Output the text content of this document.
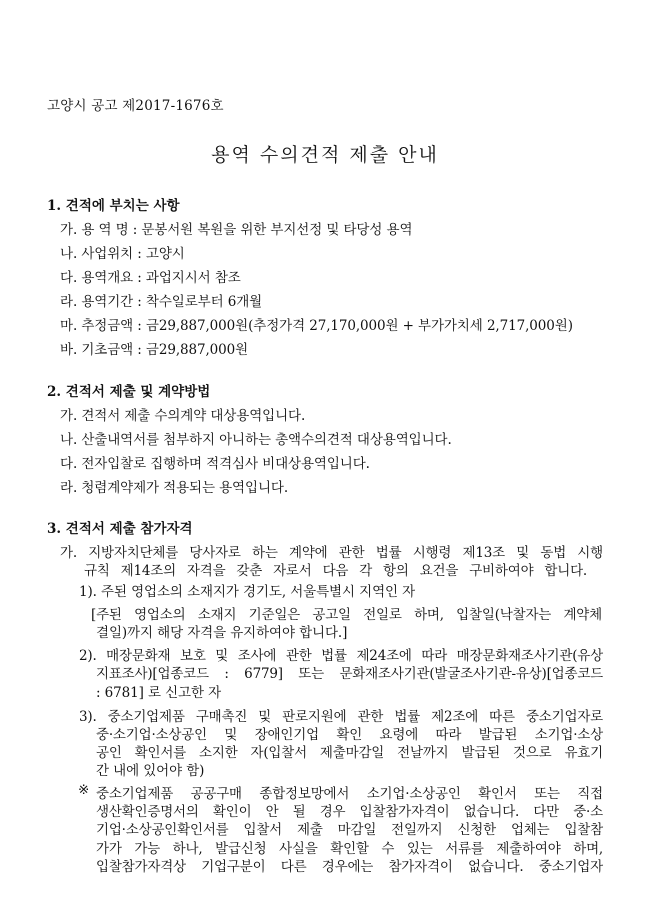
고양시 공고 제2017-1676호
용역 수의견적 제출 안내
1. 견적에 부치는 사항
가. 용 역 명 : 문봉서원 복원을 위한 부지선정 및 타당성 용역
나. 사업위치 : 고양시
다. 용역개요 : 과업지시서 참조
라. 용역기간 : 착수일로부터 6개월
마. 추정금액 : 금29,887,000원(추정가격 27,170,000원 + 부가가치세 2,717,000원)
바. 기초금액 : 금29,887,000원
2. 견적서 제출 및 계약방법
가. 견적서 제출 수의계약 대상용역입니다.
나. 산출내역서를 첨부하지 아니하는 총액수의견적 대상용역입니다.
다. 전자입찰로 집행하며 적격심사 비대상용역입니다.
라. 청렴계약제가 적용되는 용역입니다.
3. 견적서 제출 참가자격
가. 지방자치단체를 당사자로 하는 계약에 관한 법률 시행령 제13조 및 동법 시행
규칙 제14조의 자격을 갖춘 자로서 다음 각 항의 요건을 구비하여야 합니다.
1). 주된 영업소의 소재지가 경기도, 서울특별시 지역인 자
[주된 영업소의 소재지 기준일은 공고일 전일로 하며, 입찰일(낙찰자는 계약체
결일)까지 해당 자격을 유지하여야 합니다.]
2). 매장문화재 보호 및 조사에 관한 법률 제24조에 따라 매장문화재조사기관(유상
지표조사)[업종코드 : 6779] 또는 문화재조사기관(발굴조사기관-유상)[업종코드
: 6781] 로 신고한 자
3). 중소기업제품 구매촉진 및 판로지원에 관한 법률 제2조에 따른 중소기업자로
중·소기업·소상공인 및 장애인기업 확인 요령에 따라 발급된 소기업·소상
공인 확인서를 소지한 자(입찰서 제출마감일 전날까지 발급된 것으로 유효기
간 내에 있어야 함)
※ 중소기업제품 공공구매 종합정보망에서 소기업·소상공인 확인서 또는 직접
생산확인증명서의 확인이 안 될 경우 입찰참가자격이 없습니다. 다만 중·소
기업·소상공인확인서를 입찰서 제출 마감일 전일까지 신청한 업체는 입찰참
가가 가능 하나, 발급신청 사실을 확인할 수 있는 서류를 제출하여야 하며,
입찰참가자격상 기업구분이 다른 경우에는 참가자격이 없습니다. 중소기업자
